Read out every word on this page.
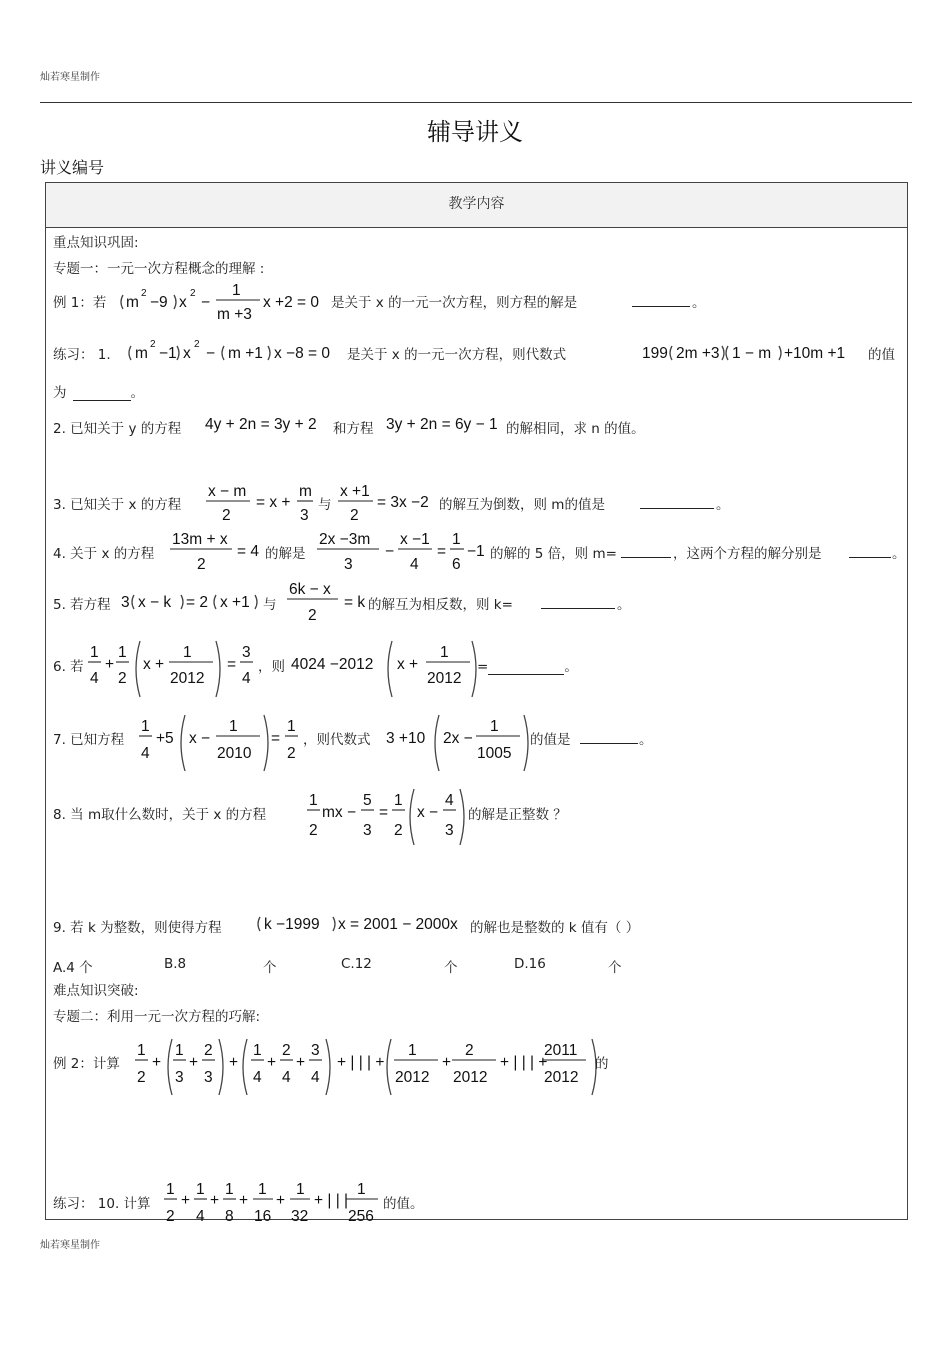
灿若寒星制作
辅导讲义
讲义编号
教学内容
重点知识巩固:
专题一：一元一次方程概念的理解 :
例 1：若 m
2
−9 x
2
−
1
m +3
x +2 = 0 是关于 x 的一元一次方程，则方程的解是	。
练习： 1. m
2
−1 x
2
− m +1 x −8 = 0	199 2m +3 1 − m +10m +1
是关于 x 的一元一次方程，则代数式	的值
为	。
2. 已知关于 y 的方程 4y + 2n = 3y + 2 和方程 3y + 2n = 6y − 1 的解相同，求 n 的值。
3. 已知关于 x 的方程
x − m
2
= x +
m
3
x +1
2
= 3x −2
与	的解互为倒数，则 m的值是	。
4. 关于 x 的方程
13m + x
2
= 4
2x −3m
3
−
x −1
4
=
1
6
−1
的解是	的解的 5 倍，则 m=	，这两个方程的解分别是	。
5. 若方程 3 x − k = 2 x +1
6k − x
2
= k
与	的解互为相反数，则 k=	。
6. 若
1
4
+
1
2
x +
1
2012
=
3
4
4024 −2012 x +
1
2012
，则	=	。
7. 已知方程
1
4
+5 x −
1
2010
=
1
2
3 +10 2x −
1
1005
，则代数式	的值是	。
8. 当 m取什么数时，关于 x 的方程
1
2
mx −
5
3
=
1
2
x −
4
3
的解是正整数 ？
9. 若 k 为整数，则使得方程	k −1999 x = 2001 − 2000x 的解也是整数的 k 值有（ ）
A.4 个	B.8	个	C.12	个	D.16	个
难点知识突破:
专题二：利用一元一次方程的巧解:
例 2：计算
1
2
+
1
3
+
2
3
+
1
4
+
2
4
+
3
4
+ | | | +
1
2012
+
2
2012
+ | | | +
2011
2012
的
练习： 10. 计算
1
2
+
1
4
+
1
8
+
1
16
+
1
32
+ | | |
1
256
的值。
灿若寒星制作
